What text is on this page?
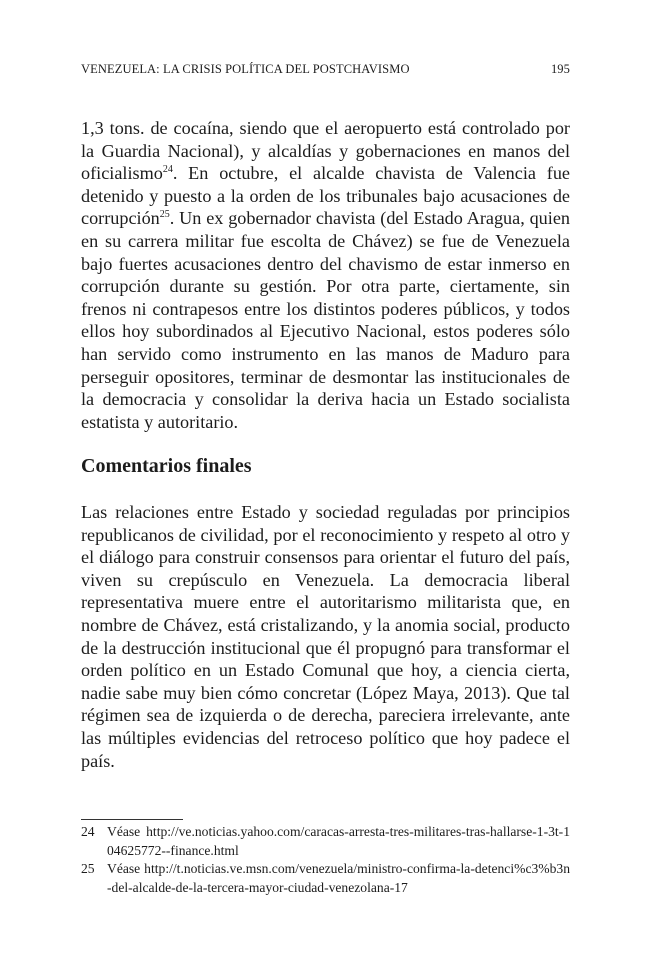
VENEZUELA: LA CRISIS POLÍTICA DEL POSTCHAVISMO	195

1,3 tons. de cocaína, siendo que el aeropuerto está controlado por la Guardia Nacional), y alcaldías y gobernaciones en manos del oficialismo$^{24}$. En octubre, el alcalde chavista de Valencia fue detenido y puesto a la orden de los tribunales bajo acusaciones de corrupción$^{25}$. Un ex gobernador chavista (del Estado Aragua, quien en su carrera militar fue escolta de Chávez) se fue de Venezuela bajo fuertes acusaciones dentro del chavismo de estar inmerso en corrupción durante su gestión. Por otra parte, ciertamente, sin frenos ni contrapesos entre los distintos poderes públicos, y todos ellos hoy subordinados al Ejecutivo Nacional, estos poderes sólo han servido como instrumento en las manos de Maduro para perseguir opositores, terminar de desmontar las institucionales de la democracia y consolidar la deriva hacia un Estado socialista estatista y autoritario.

Comentarios finales

Las relaciones entre Estado y sociedad reguladas por principios republicanos de civilidad, por el reconocimiento y respeto al otro y el diálogo para construir consensos para orientar el futuro del país, viven su crepúsculo en Venezuela. La democracia liberal representativa muere entre el autoritarismo militarista que, en nombre de Chávez, está cristalizando, y la anomia social, producto de la destrucción institucional que él propugnó para transformar el orden político en un Estado Comunal que hoy, a ciencia cierta, nadie sabe muy bien cómo concretar (López Maya, 2013). Que tal régimen sea de izquierda o de derecha, pareciera irrelevante, ante las múltiples evidencias del retroceso político que hoy padece el país.

24 Véase http://ve.noticias.yahoo.com/caracas-arresta-tres-militares-tras-hallarse-1-3t-104625772--finance.html
25 Véase http://t.noticias.ve.msn.com/venezuela/ministro-confirma-la-detenci%c3%b3n-del-alcalde-de-la-tercera-mayor-ciudad-venezolana-17
